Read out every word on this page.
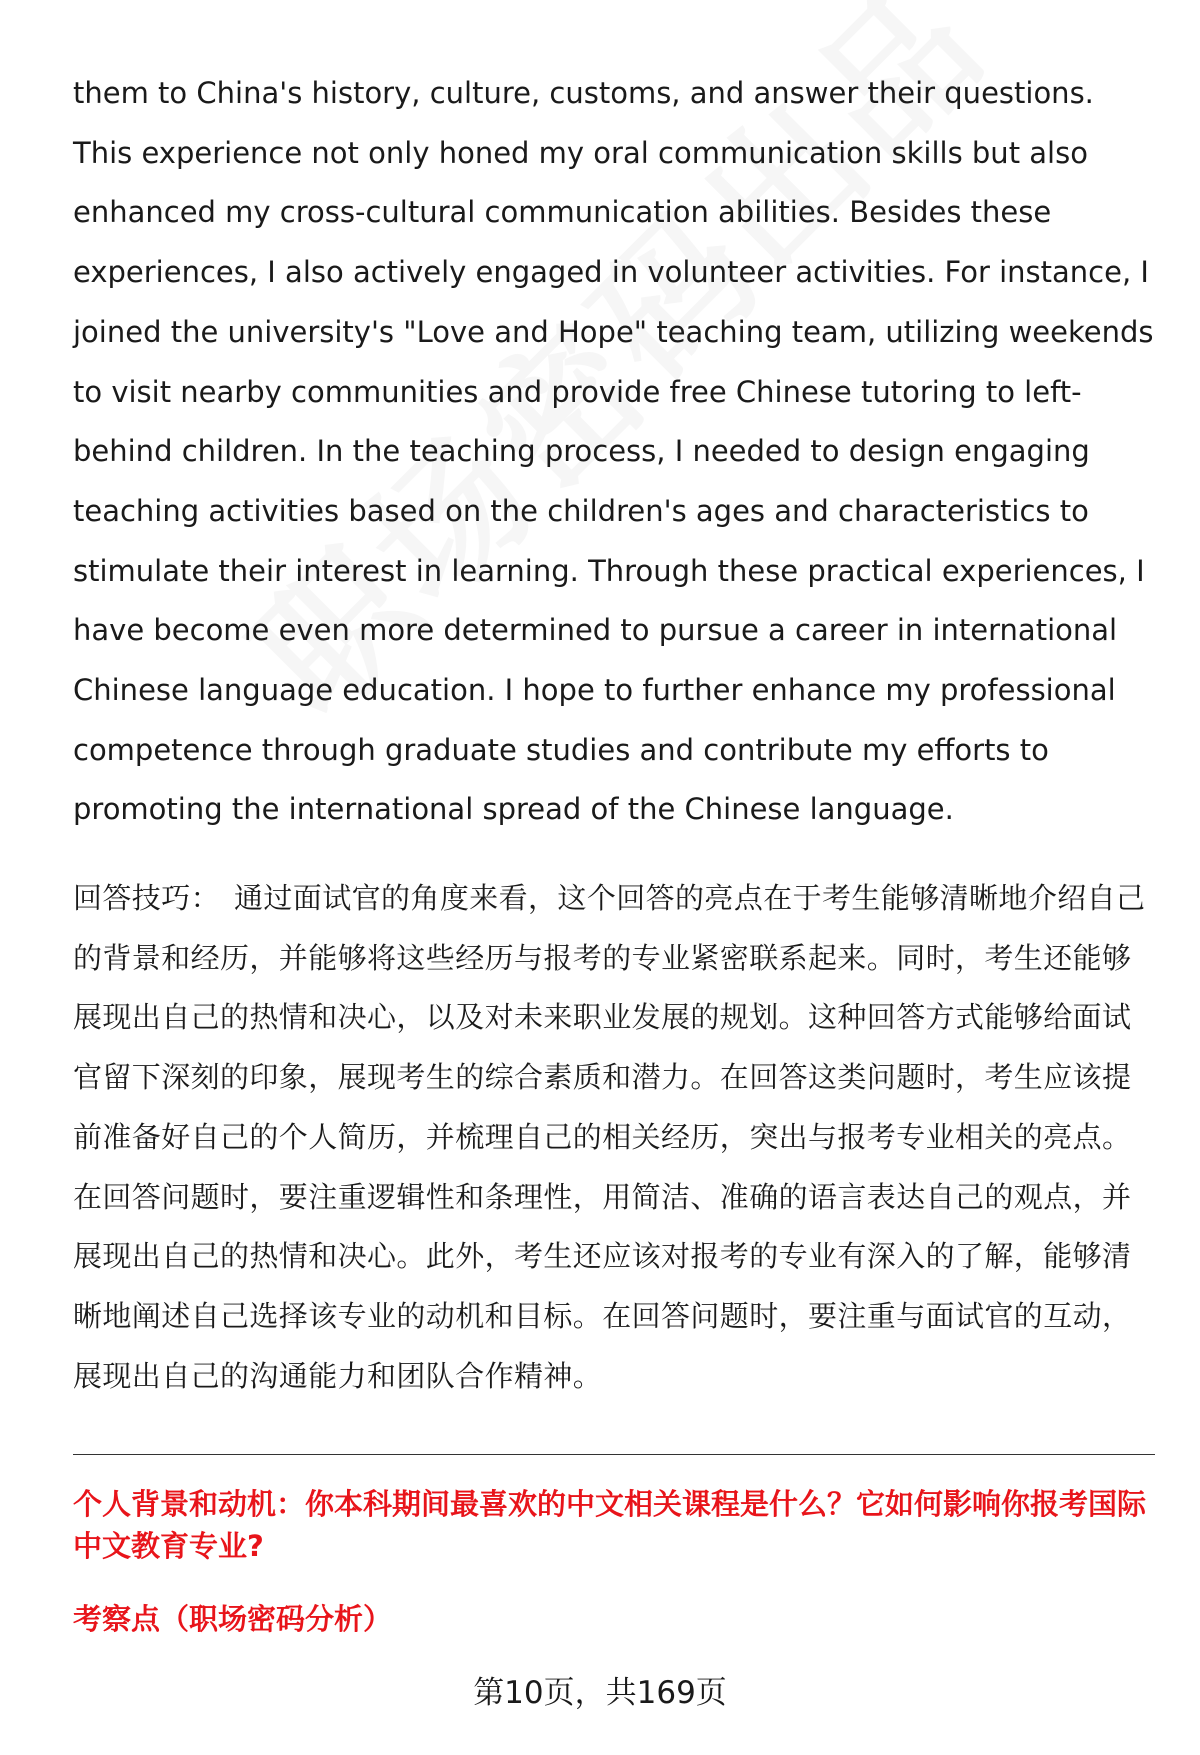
them to China's history, culture, customs, and answer their questions. This experience not only honed my oral communication skills but also enhanced my cross-cultural communication abilities. Besides these experiences, I also actively engaged in volunteer activities. For instance, I joined the university's "Love and Hope" teaching team, utilizing weekends to visit nearby communities and provide free Chinese tutoring to left-behind children. In the teaching process, I needed to design engaging teaching activities based on the children's ages and characteristics to stimulate their interest in learning. Through these practical experiences, I have become even more determined to pursue a career in international Chinese language education. I hope to further enhance my professional competence through graduate studies and contribute my efforts to promoting the international spread of the Chinese language.

回答技巧： 通过面试官的角度来看，这个回答的亮点在于考生能够清晰地介绍自己的背景和经历，并能够将这些经历与报考的专业紧密联系起来。同时，考生还能够展现出自己的热情和决心，以及对未来职业发展的规划。这种回答方式能够给面试官留下深刻的印象，展现考生的综合素质和潜力。在回答这类问题时，考生应该提前准备好自己的个人简历，并梳理自己的相关经历，突出与报考专业相关的亮点。在回答问题时，要注重逻辑性和条理性，用简洁、准确的语言表达自己的观点，并展现出自己的热情和决心。此外，考生还应该对报考的专业有深入的了解，能够清晰地阐述自己选择该专业的动机和目标。在回答问题时，要注重与面试官的互动，展现出自己的沟通能力和团队合作精神。

个人背景和动机：你本科期间最喜欢的中文相关课程是什么？它如何影响你报考国际中文教育专业?

考察点（职场密码分析）

第10页，共169页
